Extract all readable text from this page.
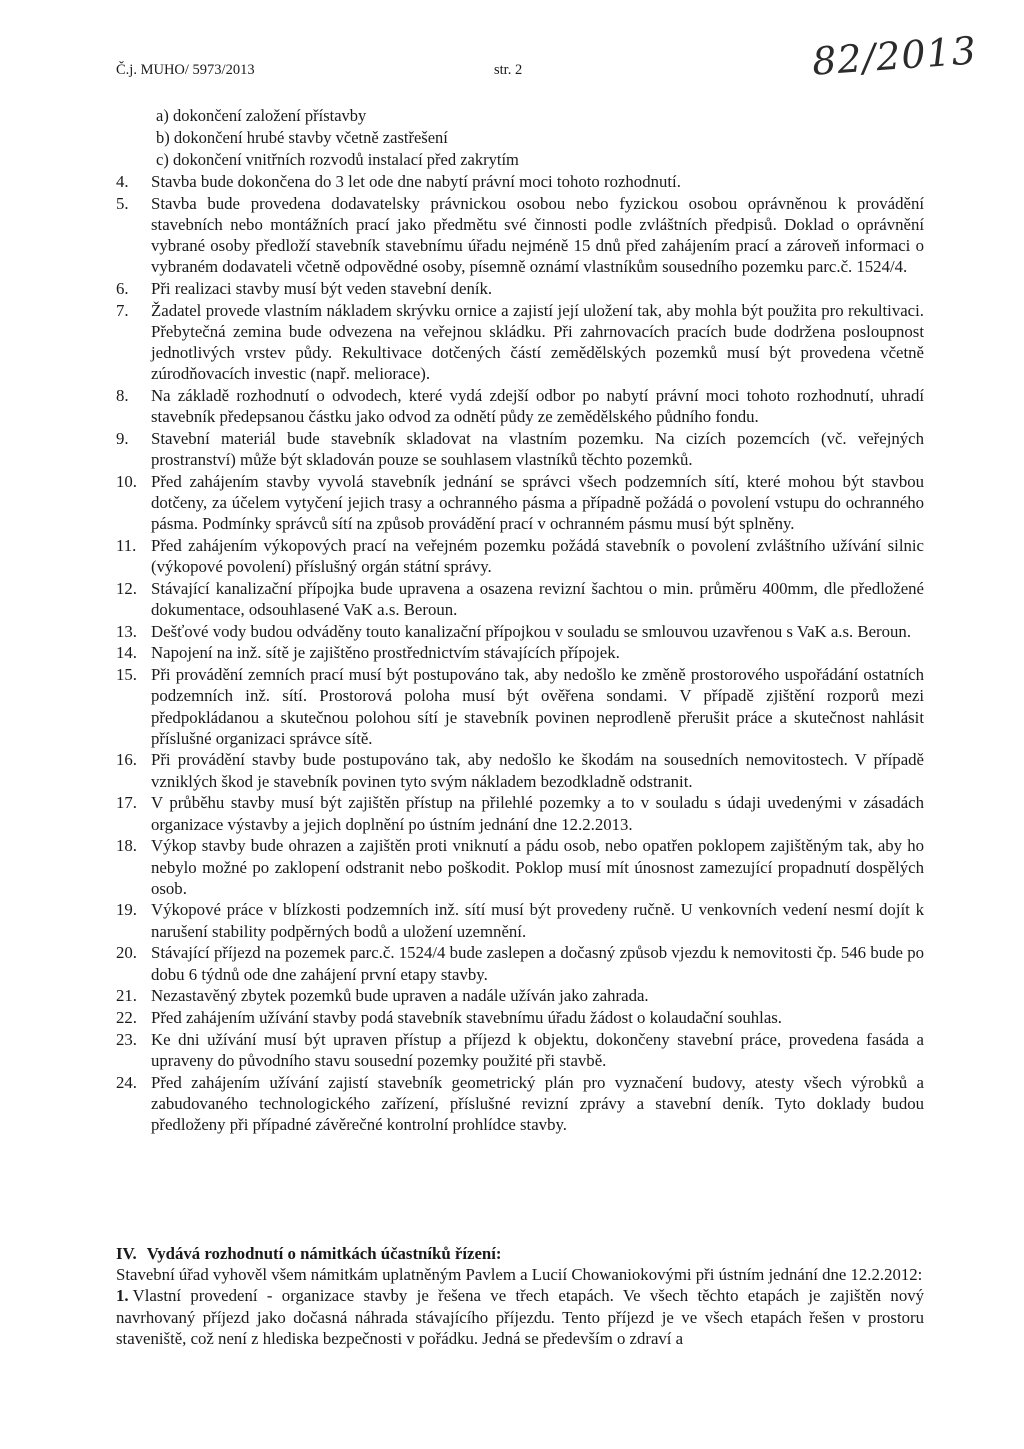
Č.j. MUHO/ 5973/2013	str. 2	82/2013
a) dokončení založení přístavby
b) dokončení hrubé stavby včetně zastřešení
c) dokončení vnitřních rozvodů instalací před zakrytím
4.	Stavba bude dokončena do 3 let ode dne nabytí právní moci tohoto rozhodnutí.
5.	Stavba bude provedena dodavatelsky právnickou osobou nebo fyzickou osobou oprávněnou k provádění stavebních nebo montážních prací jako předmětu své činnosti podle zvláštních předpisů. Doklad o oprávnění vybrané osoby předloží stavebník stavebnímu úřadu nejméně 15 dnů před zahájením prací a zároveň informaci o vybraném dodavateli včetně odpovědné osoby, písemně oznámí vlastníkům sousedního pozemku parc.č. 1524/4.
6.	Při realizaci stavby musí být veden stavební deník.
7.	Žadatel provede vlastním nákladem skrývku ornice a zajistí její uložení tak, aby mohla být použita pro rekultivaci. Přebytečná zemina bude odvezena na veřejnou skládku. Při zahrnovacích pracích bude dodržena posloupnost jednotlivých vrstev půdy. Rekultivace dotčených částí zemědělských pozemků musí být provedena včetně zúrodňovacích investic (např. meliorace).
8.	Na základě rozhodnutí o odvodech, které vydá zdejší odbor po nabytí právní moci tohoto rozhodnutí, uhradí stavebník předepsanou částku jako odvod za odnětí půdy ze zemědělského půdního fondu.
9.	Stavební materiál bude stavebník skladovat na vlastním pozemku. Na cizích pozemcích (vč. veřejných prostranství) může být skladován pouze se souhlasem vlastníků těchto pozemků.
10. Před zahájením stavby vyvolá stavebník jednání se správci všech podzemních sítí, které mohou být stavbou dotčeny, za účelem vytyčení jejich trasy a ochranného pásma a případně požádá o povolení vstupu do ochranného pásma. Podmínky správců sítí na způsob provádění prací v ochranném pásmu musí být splněny.
11. Před zahájením výkopových prací na veřejném pozemku požádá stavebník o povolení zvláštního užívání silnic (výkopové povolení) příslušný orgán státní správy.
12. Stávající kanalizační přípojka bude upravena a osazena revizní šachtou o min. průměru 400mm, dle předložené dokumentace, odsouhlasené VaK a.s. Beroun.
13. Dešťové vody budou odváděny touto kanalizační přípojkou v souladu se smlouvou uzavřenou s VaK a.s. Beroun.
14. Napojení na inž. sítě je zajištěno prostřednictvím stávajících přípojek.
15. Při provádění zemních prací musí být postupováno tak, aby nedošlo ke změně prostorového uspořádání ostatních podzemních inž. sítí. Prostorová poloha musí být ověřena sondami. V případě zjištění rozporů mezi předpokládanou a skutečnou polohou sítí je stavebník povinen neprodleně přerušit práce a skutečnost nahlásit příslušné organizaci správce sítě.
16. Při provádění stavby bude postupováno tak, aby nedošlo ke škodám na sousedních nemovitostech. V případě vzniklých škod je stavebník povinen tyto svým nákladem bezodkladně odstranit.
17. V průběhu stavby musí být zajištěn přístup na přilehlé pozemky a to v souladu s údaji uvedenými v zásadách organizace výstavby a jejich doplnění po ústním jednání dne 12.2.2013.
18. Výkop stavby bude ohrazen a zajištěn proti vniknutí a pádu osob, nebo opatřen poklopem zajištěným tak, aby ho nebylo možné po zaklopení odstranit nebo poškodit. Poklop musí mít únosnost zamezující propadnutí dospělých osob.
19. Výkopové práce v blízkosti podzemních inž. sítí musí být provedeny ručně. U venkovních vedení nesmí dojít k narušení stability podpěrných bodů a uložení uzemnění.
20. Stávající příjezd na pozemek parc.č. 1524/4 bude zaslepen a dočasný způsob vjezdu k nemovitosti čp. 546 bude po dobu 6 týdnů ode dne zahájení první etapy stavby.
21. Nezastavěný zbytek pozemků bude upraven a nadále užíván jako zahrada.
22. Před zahájením užívání stavby podá stavebník stavebnímu úřadu žádost o kolaudační souhlas.
23. Ke dni užívání musí být upraven přístup a příjezd k objektu, dokončeny stavební práce, provedena fasáda a upraveny do původního stavu sousední pozemky použité při stavbě.
24. Před zahájením užívání zajistí stavebník geometrický plán pro vyznačení budovy, atesty všech výrobků a zabudovaného technologického zařízení, příslušné revizní zprávy a stavební deník. Tyto doklady budou předloženy při případné závěrečné kontrolní prohlídce stavby.
IV. Vydává rozhodnutí o námitkách účastníků řízení:
Stavební úřad vyhověl všem námitkám uplatněným Pavlem a Lucií Chowaniokovými při ústním jednání dne 12.2.2012:
1. Vlastní provedení - organizace stavby je řešena ve třech etapách. Ve všech těchto etapách je zajištěn nový navrhovaný příjezd jako dočasná náhrada stávajícího příjezdu. Tento příjezd je ve všech etapách řešen v prostoru staveniště, což není z hlediska bezpečnosti v pořádku. Jedná se především o zdraví a
